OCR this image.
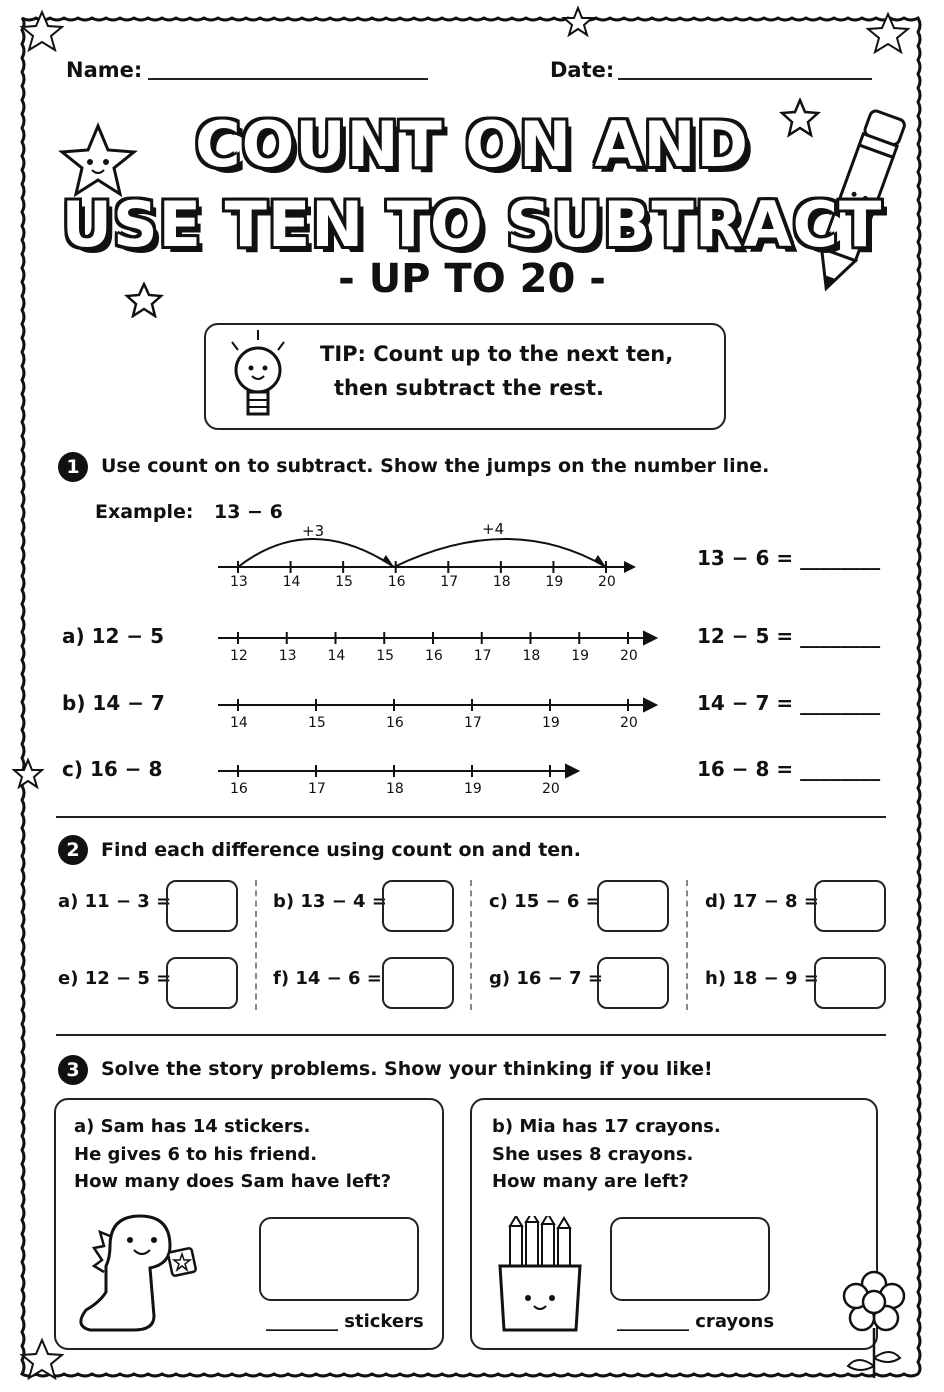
Name:	Date:
COUNT ON AND
USE TEN TO SUBTRACT
- UP TO 20 -
TIP: Count up to the next ten,
then subtract the rest.
1	Use count on to subtract. Show the jumps on the number line.
Example: 13 − 6
+3	+4
13 14 15 16 17 18 19 20
13 − 6 = ________
a) 12 − 5	12 − 5 = ________
b) 14 − 7	14 − 7 = ________
c) 16 − 8	16 − 8 = ________
12 13 14 15 16 17 18 19 20
14	15	16	17	19	20
16	17	18	19	20
2	Find each difference using count on and ten.
a) 11 − 3 =	b) 13 − 4 =	c) 15 − 6 =	d) 17 − 8 =
e) 12 − 5 =	f) 14 − 6 =	g) 16 − 7 =	h) 18 − 9 =
3	Solve the story problems. Show your thinking if you like!
a) Sam has 14 stickers.
He gives 6 to his friend.
How many does Sam have left?
________ stickers
b) Mia has 17 crayons.
She uses 8 crayons.
How many are left?
________ crayons
